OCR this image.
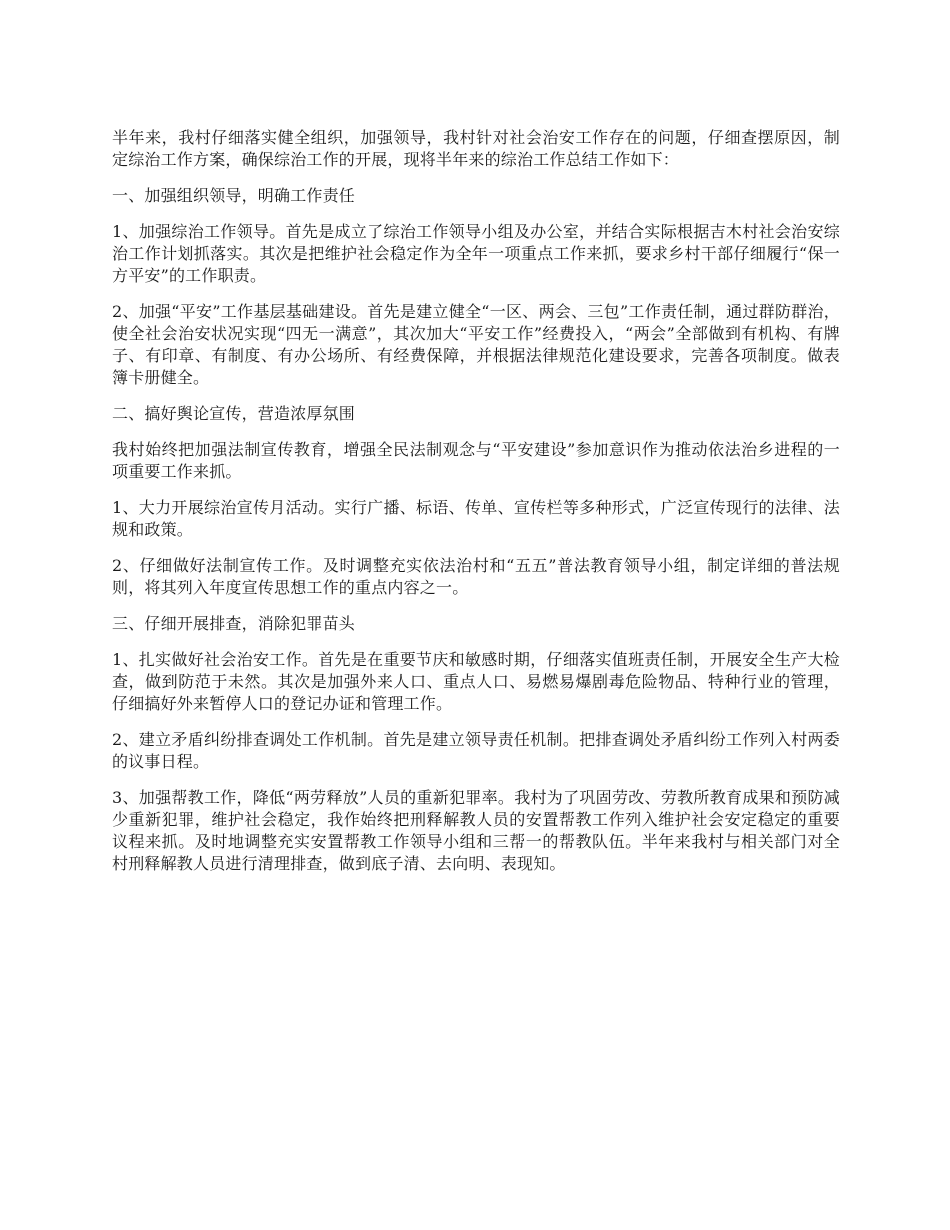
半年来，我村仔细落实健全组织，加强领导，我村针对社会治安工作存在的问题，仔细查摆原因，制定综治工作方案，确保综治工作的开展，现将半年来的综治工作总结工作如下：

一、加强组织领导，明确工作责任

1、加强综治工作领导。首先是成立了综治工作领导小组及办公室，并结合实际根据吉木村社会治安综治工作计划抓落实。其次是把维护社会稳定作为全年一项重点工作来抓，要求乡村干部仔细履行“保一方平安”的工作职责。

2、加强“平安”工作基层基础建设。首先是建立健全“一区、两会、三包”工作责任制，通过群防群治，使全社会治安状况实现“四无一满意”，其次加大“平安工作”经费投入，“两会”全部做到有机构、有牌子、有印章、有制度、有办公场所、有经费保障，并根据法律规范化建设要求，完善各项制度。做表簿卡册健全。

二、搞好舆论宣传，营造浓厚氛围

我村始终把加强法制宣传教育，增强全民法制观念与“平安建设”参加意识作为推动依法治乡进程的一项重要工作来抓。

1、大力开展综治宣传月活动。实行广播、标语、传单、宣传栏等多种形式，广泛宣传现行的法律、法规和政策。

2、仔细做好法制宣传工作。及时调整充实依法治村和“五五”普法教育领导小组，制定详细的普法规则，将其列入年度宣传思想工作的重点内容之一。

三、仔细开展排查，消除犯罪苗头

1、扎实做好社会治安工作。首先是在重要节庆和敏感时期，仔细落实值班责任制，开展安全生产大检查，做到防范于未然。其次是加强外来人口、重点人口、易燃易爆剧毒危险物品、特种行业的管理，仔细搞好外来暂停人口的登记办证和管理工作。

2、建立矛盾纠纷排查调处工作机制。首先是建立领导责任机制。把排查调处矛盾纠纷工作列入村两委的议事日程。

3、加强帮教工作，降低“两劳释放”人员的重新犯罪率。我村为了巩固劳改、劳教所教育成果和预防减少重新犯罪，维护社会稳定，我作始终把刑释解教人员的安置帮教工作列入维护社会安定稳定的重要议程来抓。及时地调整充实安置帮教工作领导小组和三帮一的帮教队伍。半年来我村与相关部门对全村刑释解教人员进行清理排查，做到底子清、去向明、表现知。
